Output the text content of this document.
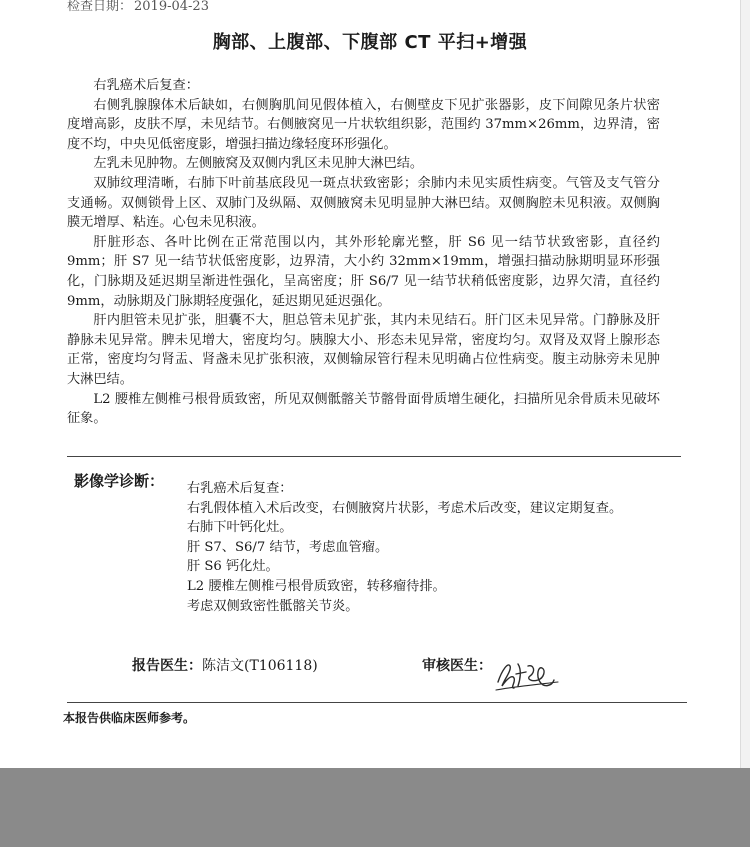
检查日期： 2019-04-23
胸部、上腹部、下腹部 CT 平扫+增强

右乳癌术后复查：

右侧乳腺腺体术后缺如，右侧胸肌间见假体植入，右侧壁皮下见扩张器影，皮下间隙见条片状密度增高影，皮肤不厚，未见结节。右侧腋窝见一片状软组织影，范围约 37mm×26mm，边界清，密度不均，中央见低密度影，增强扫描边缘轻度环形强化。

左乳未见肿物。左侧腋窝及双侧内乳区未见肿大淋巴结。

双肺纹理清晰，右肺下叶前基底段见一斑点状致密影；余肺内未见实质性病变。气管及支气管分支通畅。双侧锁骨上区、双肺门及纵隔、双侧腋窝未见明显肿大淋巴结。双侧胸腔未见积液。双侧胸膜无增厚、粘连。心包未见积液。

肝脏形态、各叶比例在正常范围以内，其外形轮廓光整，肝 S6 见一结节状致密影，直径约 9mm；肝 S7 见一结节状低密度影，边界清，大小约 32mm×19mm，增强扫描动脉期明显环形强化，门脉期及延迟期呈渐进性强化，呈高密度；肝 S6/7 见一结节状稍低密度影，边界欠清，直径约 9mm，动脉期及门脉期轻度强化，延迟期见延迟强化。

肝内胆管未见扩张，胆囊不大，胆总管未见扩张，其内未见结石。肝门区未见异常。门静脉及肝静脉未见异常。脾未见增大，密度均匀。胰腺大小、形态未见异常，密度均匀。双肾及双肾上腺形态正常，密度均匀肾盂、肾盏未见扩张积液，双侧输尿管行程未见明确占位性病变。腹主动脉旁未见肿大淋巴结。

L2 腰椎左侧椎弓根骨质致密，所见双侧骶髂关节髂骨面骨质增生硬化，扫描所见余骨质未见破坏征象。

影像学诊断： 右乳癌术后复查：
右乳假体植入术后改变，右侧腋窝片状影，考虑术后改变，建议定期复查。
右肺下叶钙化灶。
肝 S7、S6/7 结节，考虑血管瘤。
肝 S6 钙化灶。
L2 腰椎左侧椎弓根骨质致密，转移瘤待排。
考虑双侧致密性骶髂关节炎。
报告医生：陈洁文(T106118)	审核医生：
本报告供临床医师参考。
